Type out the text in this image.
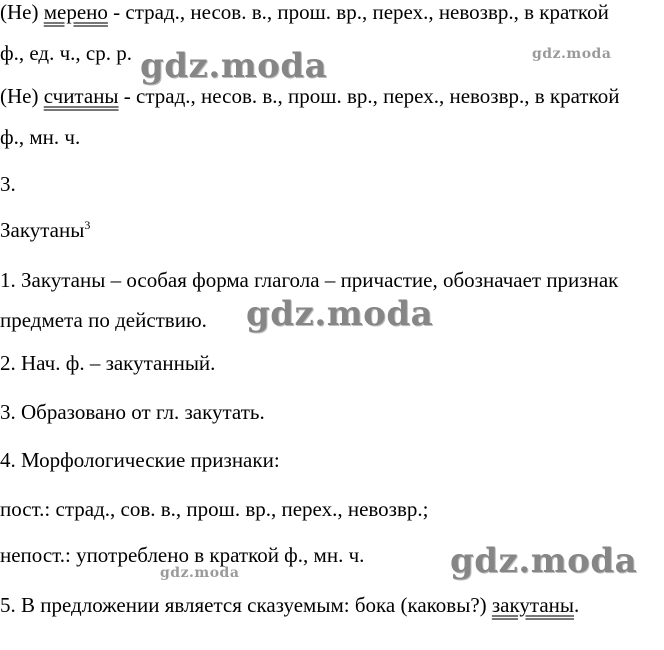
(Не) мерено - страд., несов. в., прош. вр., перех., невозвр., в краткой
ф., ед. ч., ср. р.
(Не) считаны - страд., несов. в., прош. вр., перех., невозвр., в краткой
ф., мн. ч.
3.
Закутаны$^3$
1. Закутаны – особая форма глагола – причастие, обозначает признак
предмета по действию.
2. Нач. ф. – закутанный.
3. Образовано от гл. закутать.
4. Морфологические признаки:
пост.: страд., сов. в., прош. вр., перех., невозвр.;
непост.: употреблено в краткой ф., мн. ч.
5. В предложении является сказуемым: бока (каковы?) закутаны.
gdz.moda	gdz.moda
gdz.moda
gdz.moda
gdz.moda
